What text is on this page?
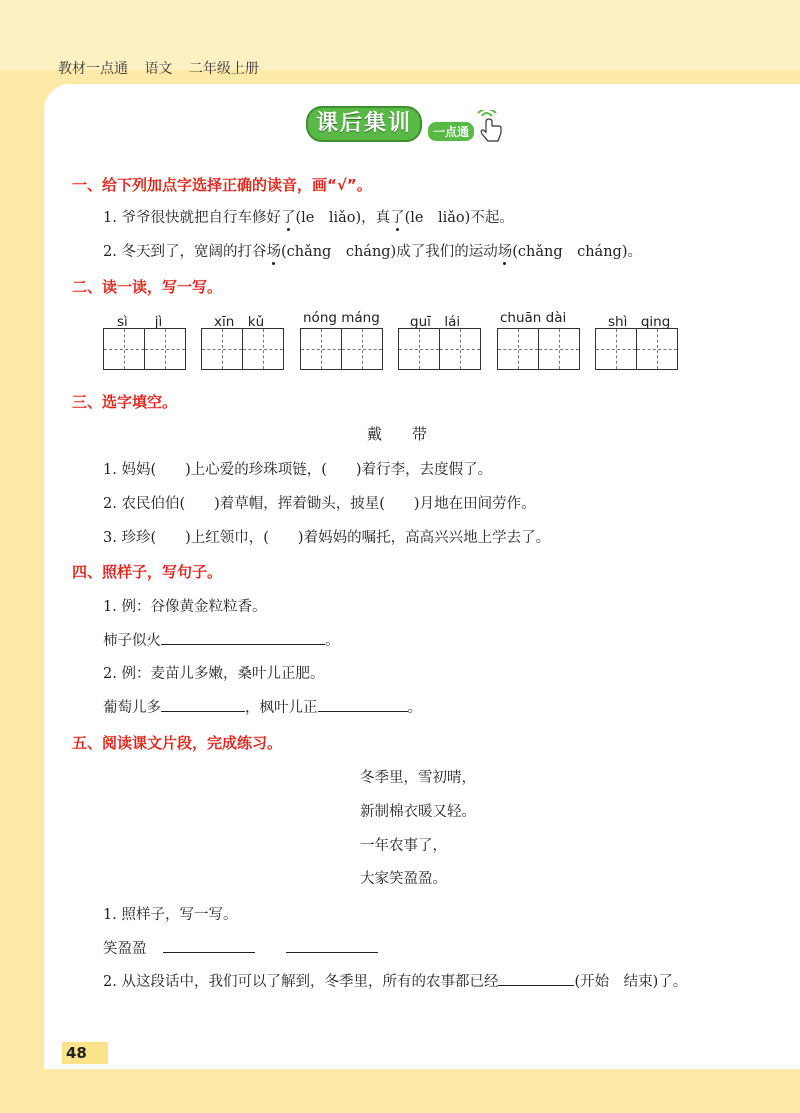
教材一点通 语文 二年级上册
课后集训	一点通
一、给下列加点字选择正确的读音，画“√”。
1. 爷爷很快就把自行车修好了(le　liǎo)，真了(le　liǎo)不起。
2. 冬天到了，宽阔的打谷场(chǎng　cháng)成了我们的运动场(chǎng　cháng)。
二、读一读，写一写。
sì　　jì	xīn　kǔ	nóng máng guī　lái	chuān dài	shì　qing
三、选字填空。
戴　　带
1. 妈妈(　　)上心爱的珍珠项链，(　　)着行李，去度假了。
2. 农民伯伯(　　)着草帽，挥着锄头，披星(　　)月地在田间劳作。
3. 珍珍(　　)上红领巾，(　　)着妈妈的嘱托，高高兴兴地上学去了。
四、照样子，写句子。
1. 例：谷像黄金粒粒香。
柿子似火	。
2. 例：麦苗儿多嫩，桑叶儿正肥。
葡萄儿多	，枫叶儿正	。
五、阅读课文片段，完成练习。
冬季里，雪初晴，
新制棉衣暖又轻。
一年农事了，
大家笑盈盈。
1. 照样子，写一写。
笑盈盈
2. 从这段话中，我们可以了解到，冬季里，所有的农事都已经	(开始　结束)了。
48
